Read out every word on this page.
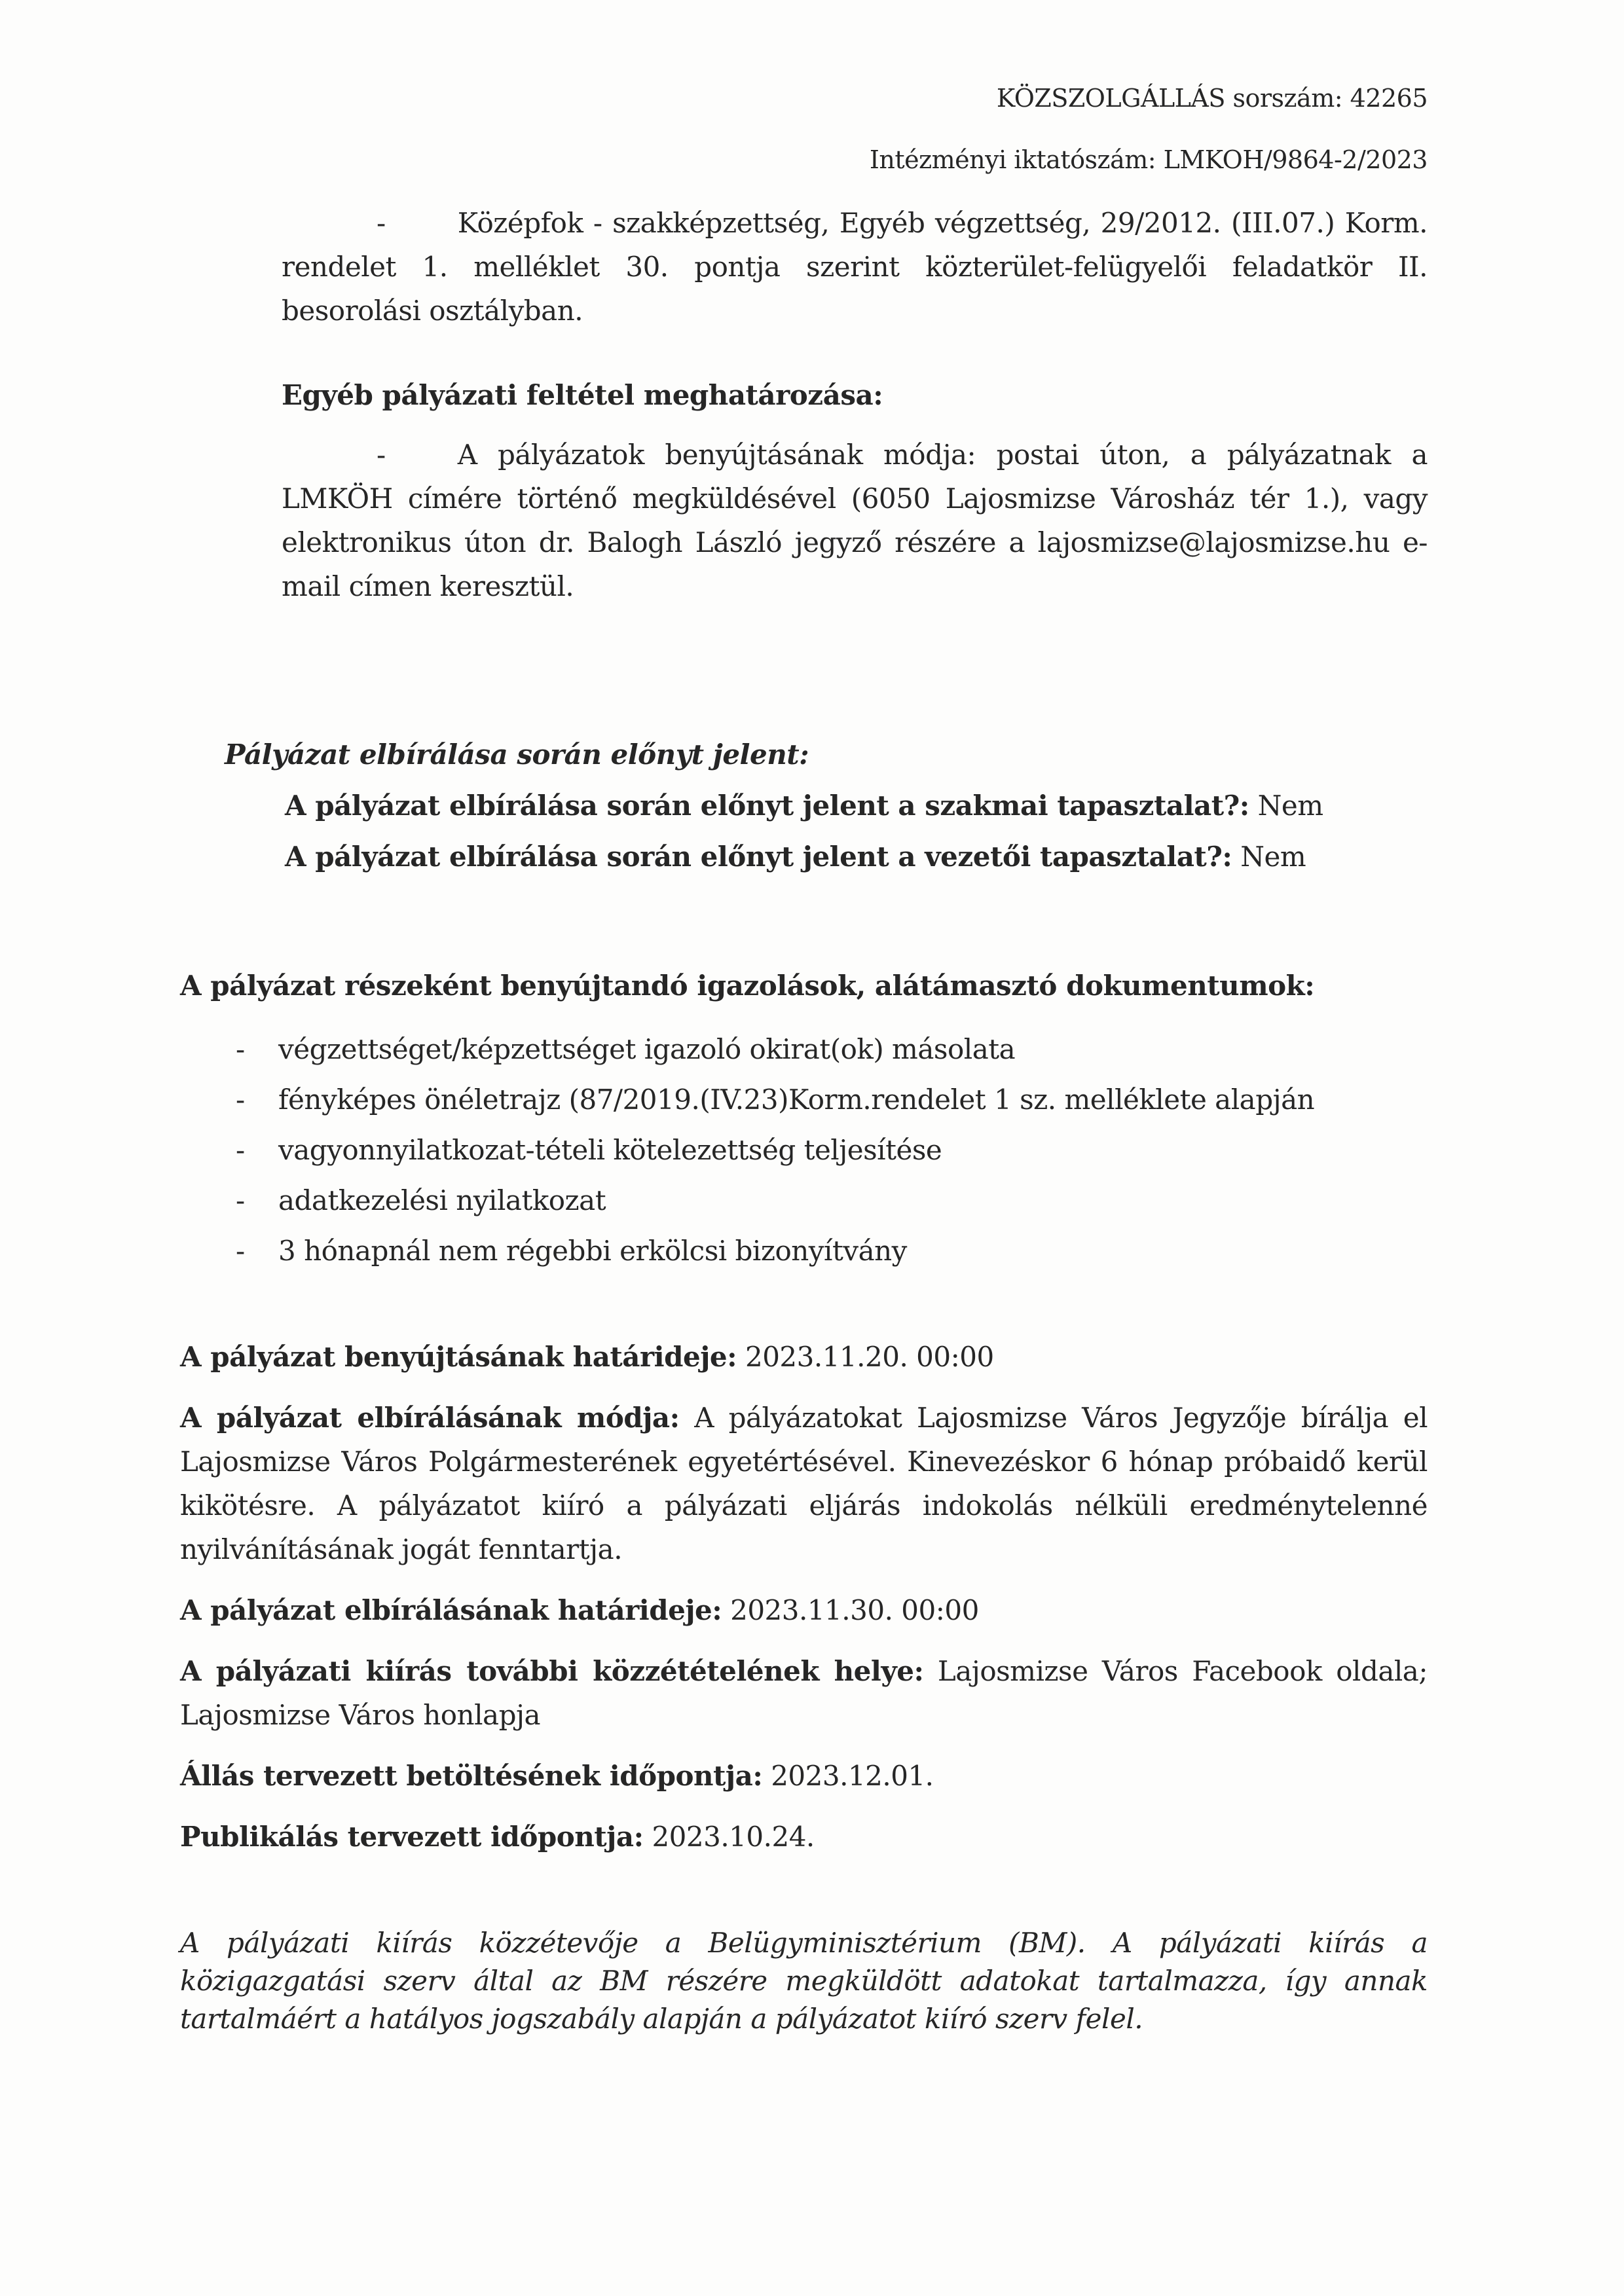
KÖZSZOLGÁLLÁS sorszám: 42265
Intézményi iktatószám: LMKOH/9864-2/2023

-	Középfok - szakképzettség, Egyéb végzettség, 29/2012. (III.07.) Korm. rendelet 1. melléklet 30. pontja szerint közterület-felügyelői feladatkör II. besorolási osztályban.

Egyéb pályázati feltétel meghatározása:

-	A pályázatok benyújtásának módja: postai úton, a pályázatnak a LMKÖH címére történő megküldésével (6050 Lajosmizse Városház tér 1.), vagy elektronikus úton dr. Balogh László jegyző részére a lajosmizse@lajosmizse.hu e-mail címen keresztül.

Pályázat elbírálása során előnyt jelent:

A pályázat elbírálása során előnyt jelent a szakmai tapasztalat?: Nem

A pályázat elbírálása során előnyt jelent a vezetői tapasztalat?: Nem

A pályázat részeként benyújtandó igazolások, alátámasztó dokumentumok:

- végzettséget/képzettséget igazoló okirat(ok) másolata
- fényképes önéletrajz (87/2019.(IV.23)Korm.rendelet 1 sz. melléklete alapján
- vagyonnyilatkozat-tételi kötelezettség teljesítése
- adatkezelési nyilatkozat
- 3 hónapnál nem régebbi erkölcsi bizonyítvány

A pályázat benyújtásának határideje: 2023.11.20. 00:00

A pályázat elbírálásának módja: A pályázatokat Lajosmizse Város Jegyzője bírálja el Lajosmizse Város Polgármesterének egyetértésével. Kinevezéskor 6 hónap próbaidő kerül kikötésre. A pályázatot kiíró a pályázati eljárás indokolás nélküli eredménytelenné nyilvánításának jogát fenntartja.

A pályázat elbírálásának határideje: 2023.11.30. 00:00

A pályázati kiírás további közzétételének helye: Lajosmizse Város Facebook oldala; Lajosmizse Város honlapja

Állás tervezett betöltésének időpontja: 2023.12.01.

Publikálás tervezett időpontja: 2023.10.24.

A pályázati kiírás közzétevője a Belügyminisztérium (BM). A pályázati kiírás a közigazgatási szerv által az BM részére megküldött adatokat tartalmazza, így annak tartalmáért a hatályos jogszabály alapján a pályázatot kiíró szerv felel.
